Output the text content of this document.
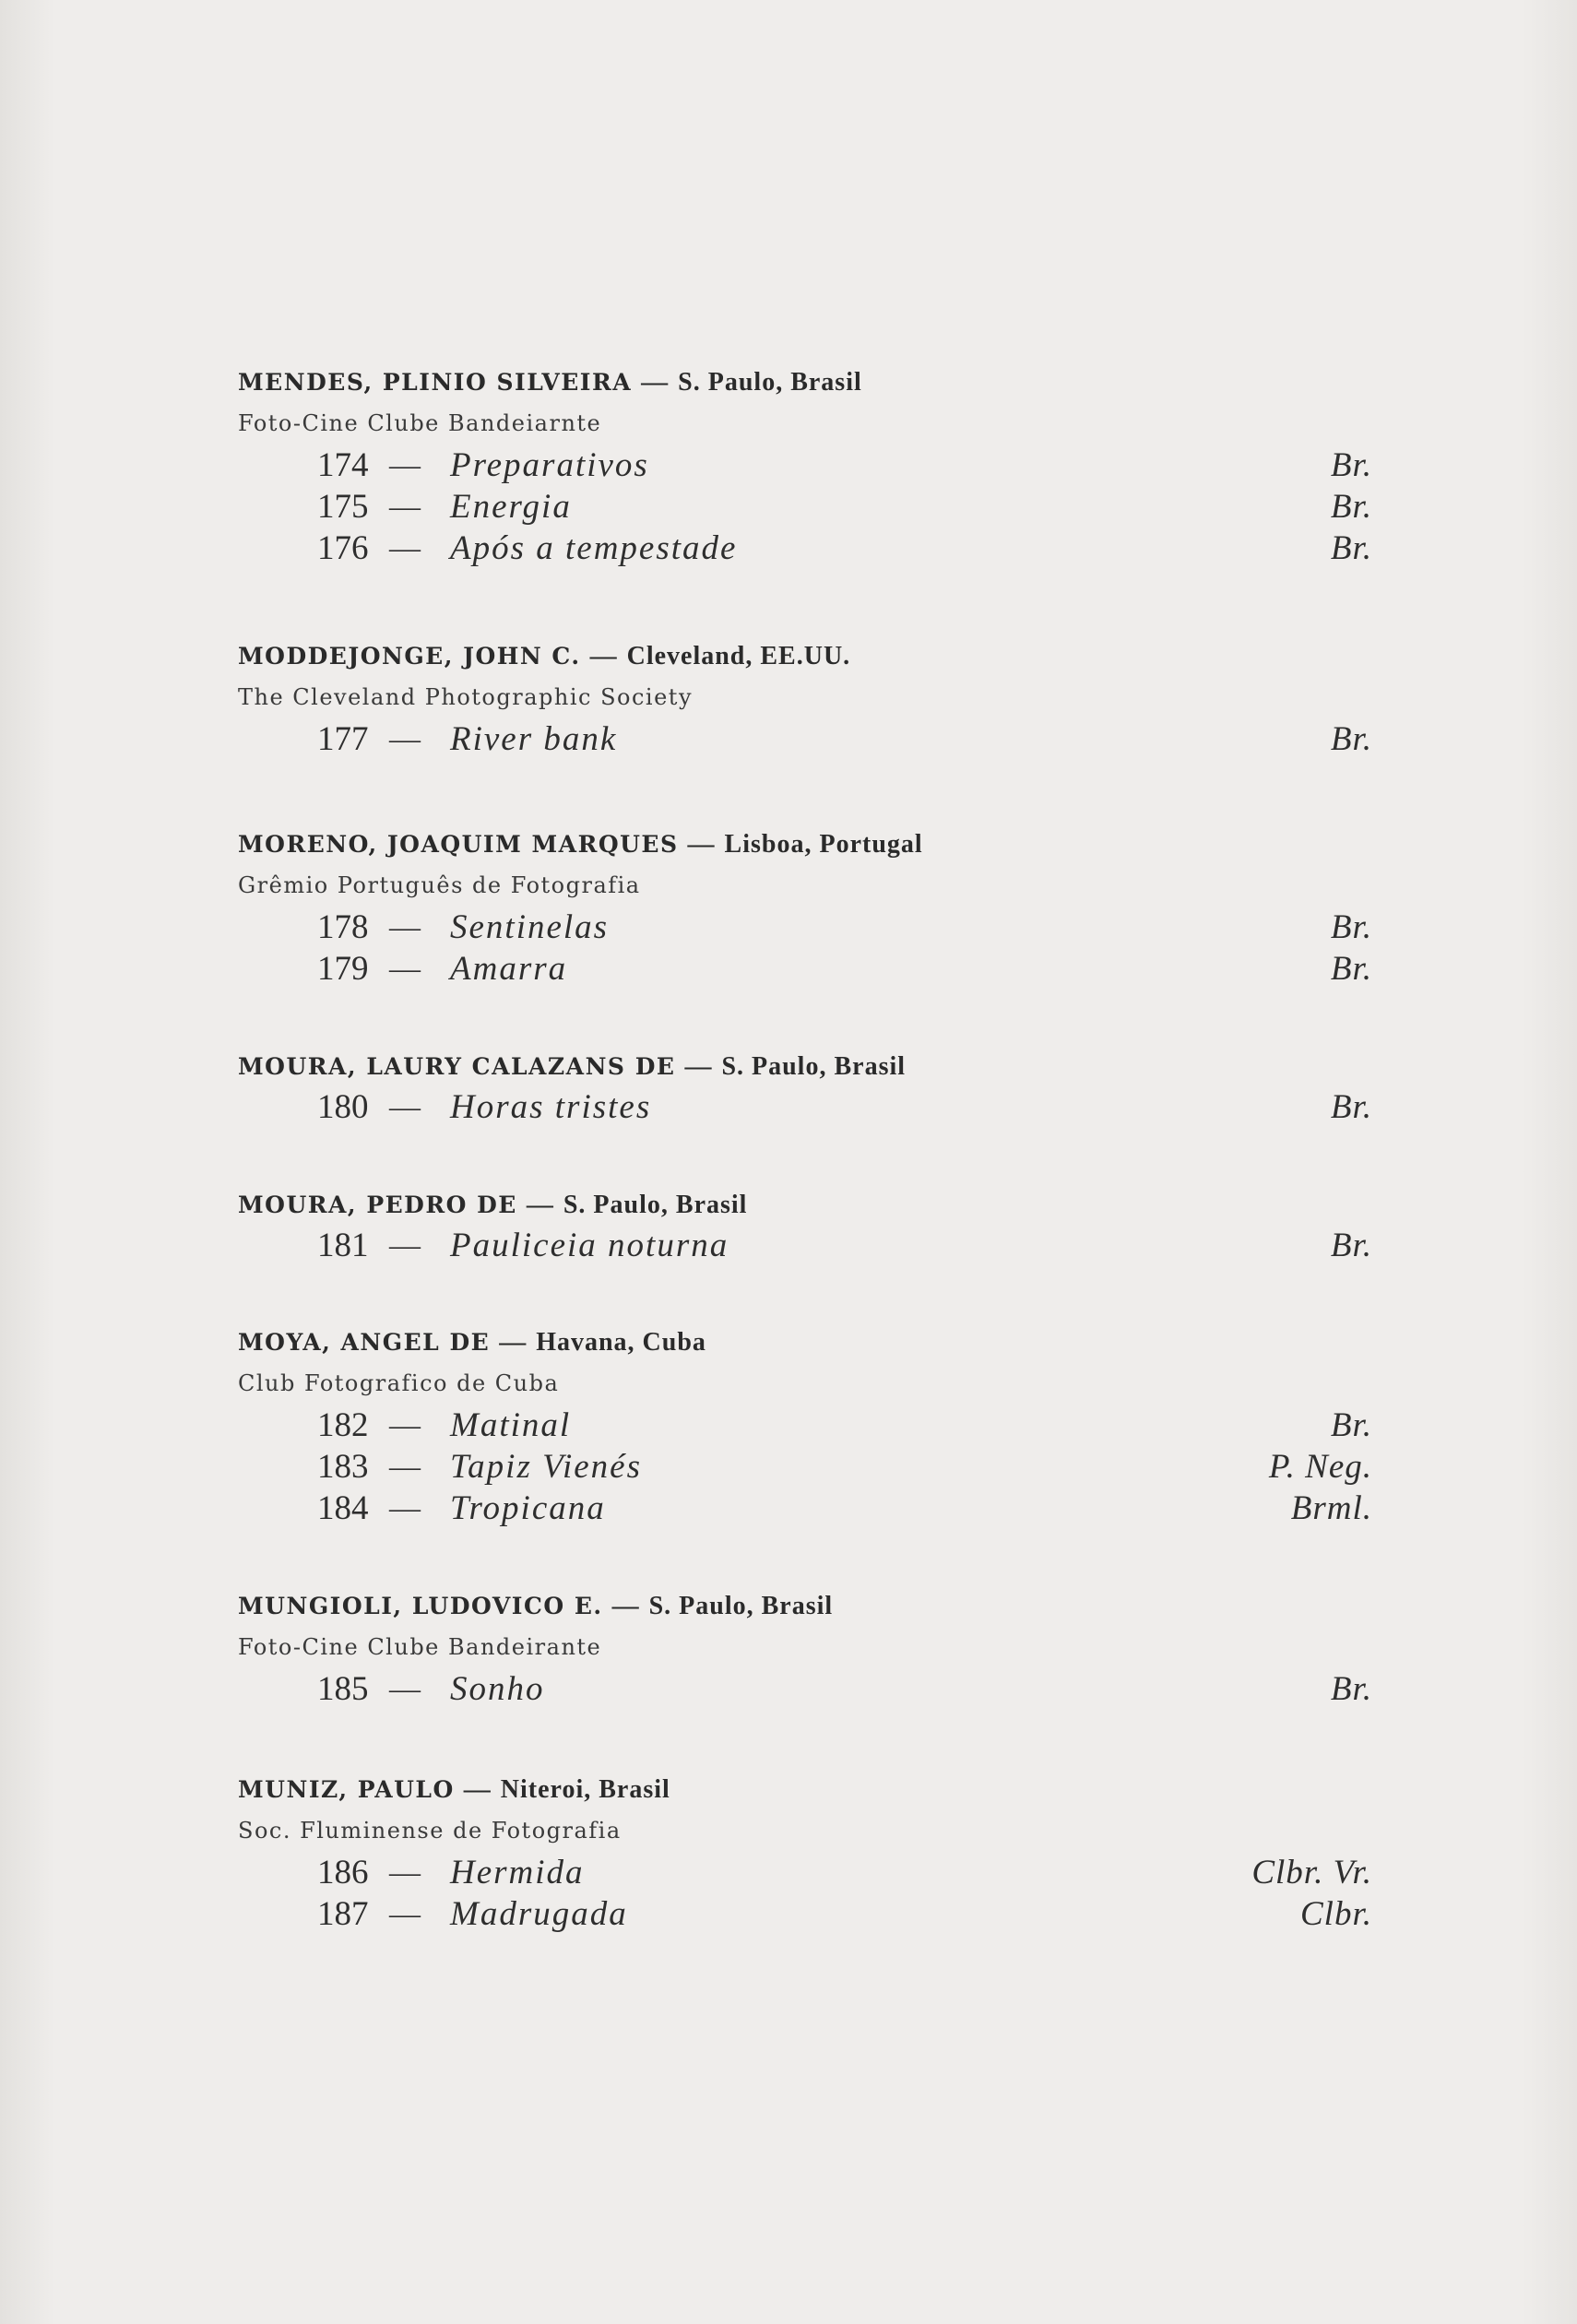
MENDES, PLINIO SILVEIRA — S. Paulo, Brasil
Foto-Cine Clube Bandeiarnte
174 — Preparativos	Br.
175 — Energia	Br.
176 — Após a tempestade	Br.
MODDEJONGE, JOHN C. — Cleveland, EE.UU.
The Cleveland Photographic Society
177 — River bank	Br.
MORENO, JOAQUIM MARQUES — Lisboa, Portugal
Grêmio Português de Fotografia
178 — Sentinelas	Br.
179 — Amarra	Br.
MOURA, LAURY CALAZANS DE — S. Paulo, Brasil
180 — Horas tristes	Br.
MOURA, PEDRO DE — S. Paulo, Brasil
181 — Pauliceia noturna	Br.
MOYA, ANGEL DE — Havana, Cuba
Club Fotografico de Cuba
182 — Matinal	Br.
183 — Tapiz Vienés	P. Neg.
184 — Tropicana	Brml.
MUNGIOLI, LUDOVICO E. — S. Paulo, Brasil
Foto-Cine Clube Bandeirante
185 — Sonho	Br.
MUNIZ, PAULO — Niteroi, Brasil
Soc. Fluminense de Fotografia
186 — Hermida	Clbr. Vr.
187 — Madrugada	Clbr.
